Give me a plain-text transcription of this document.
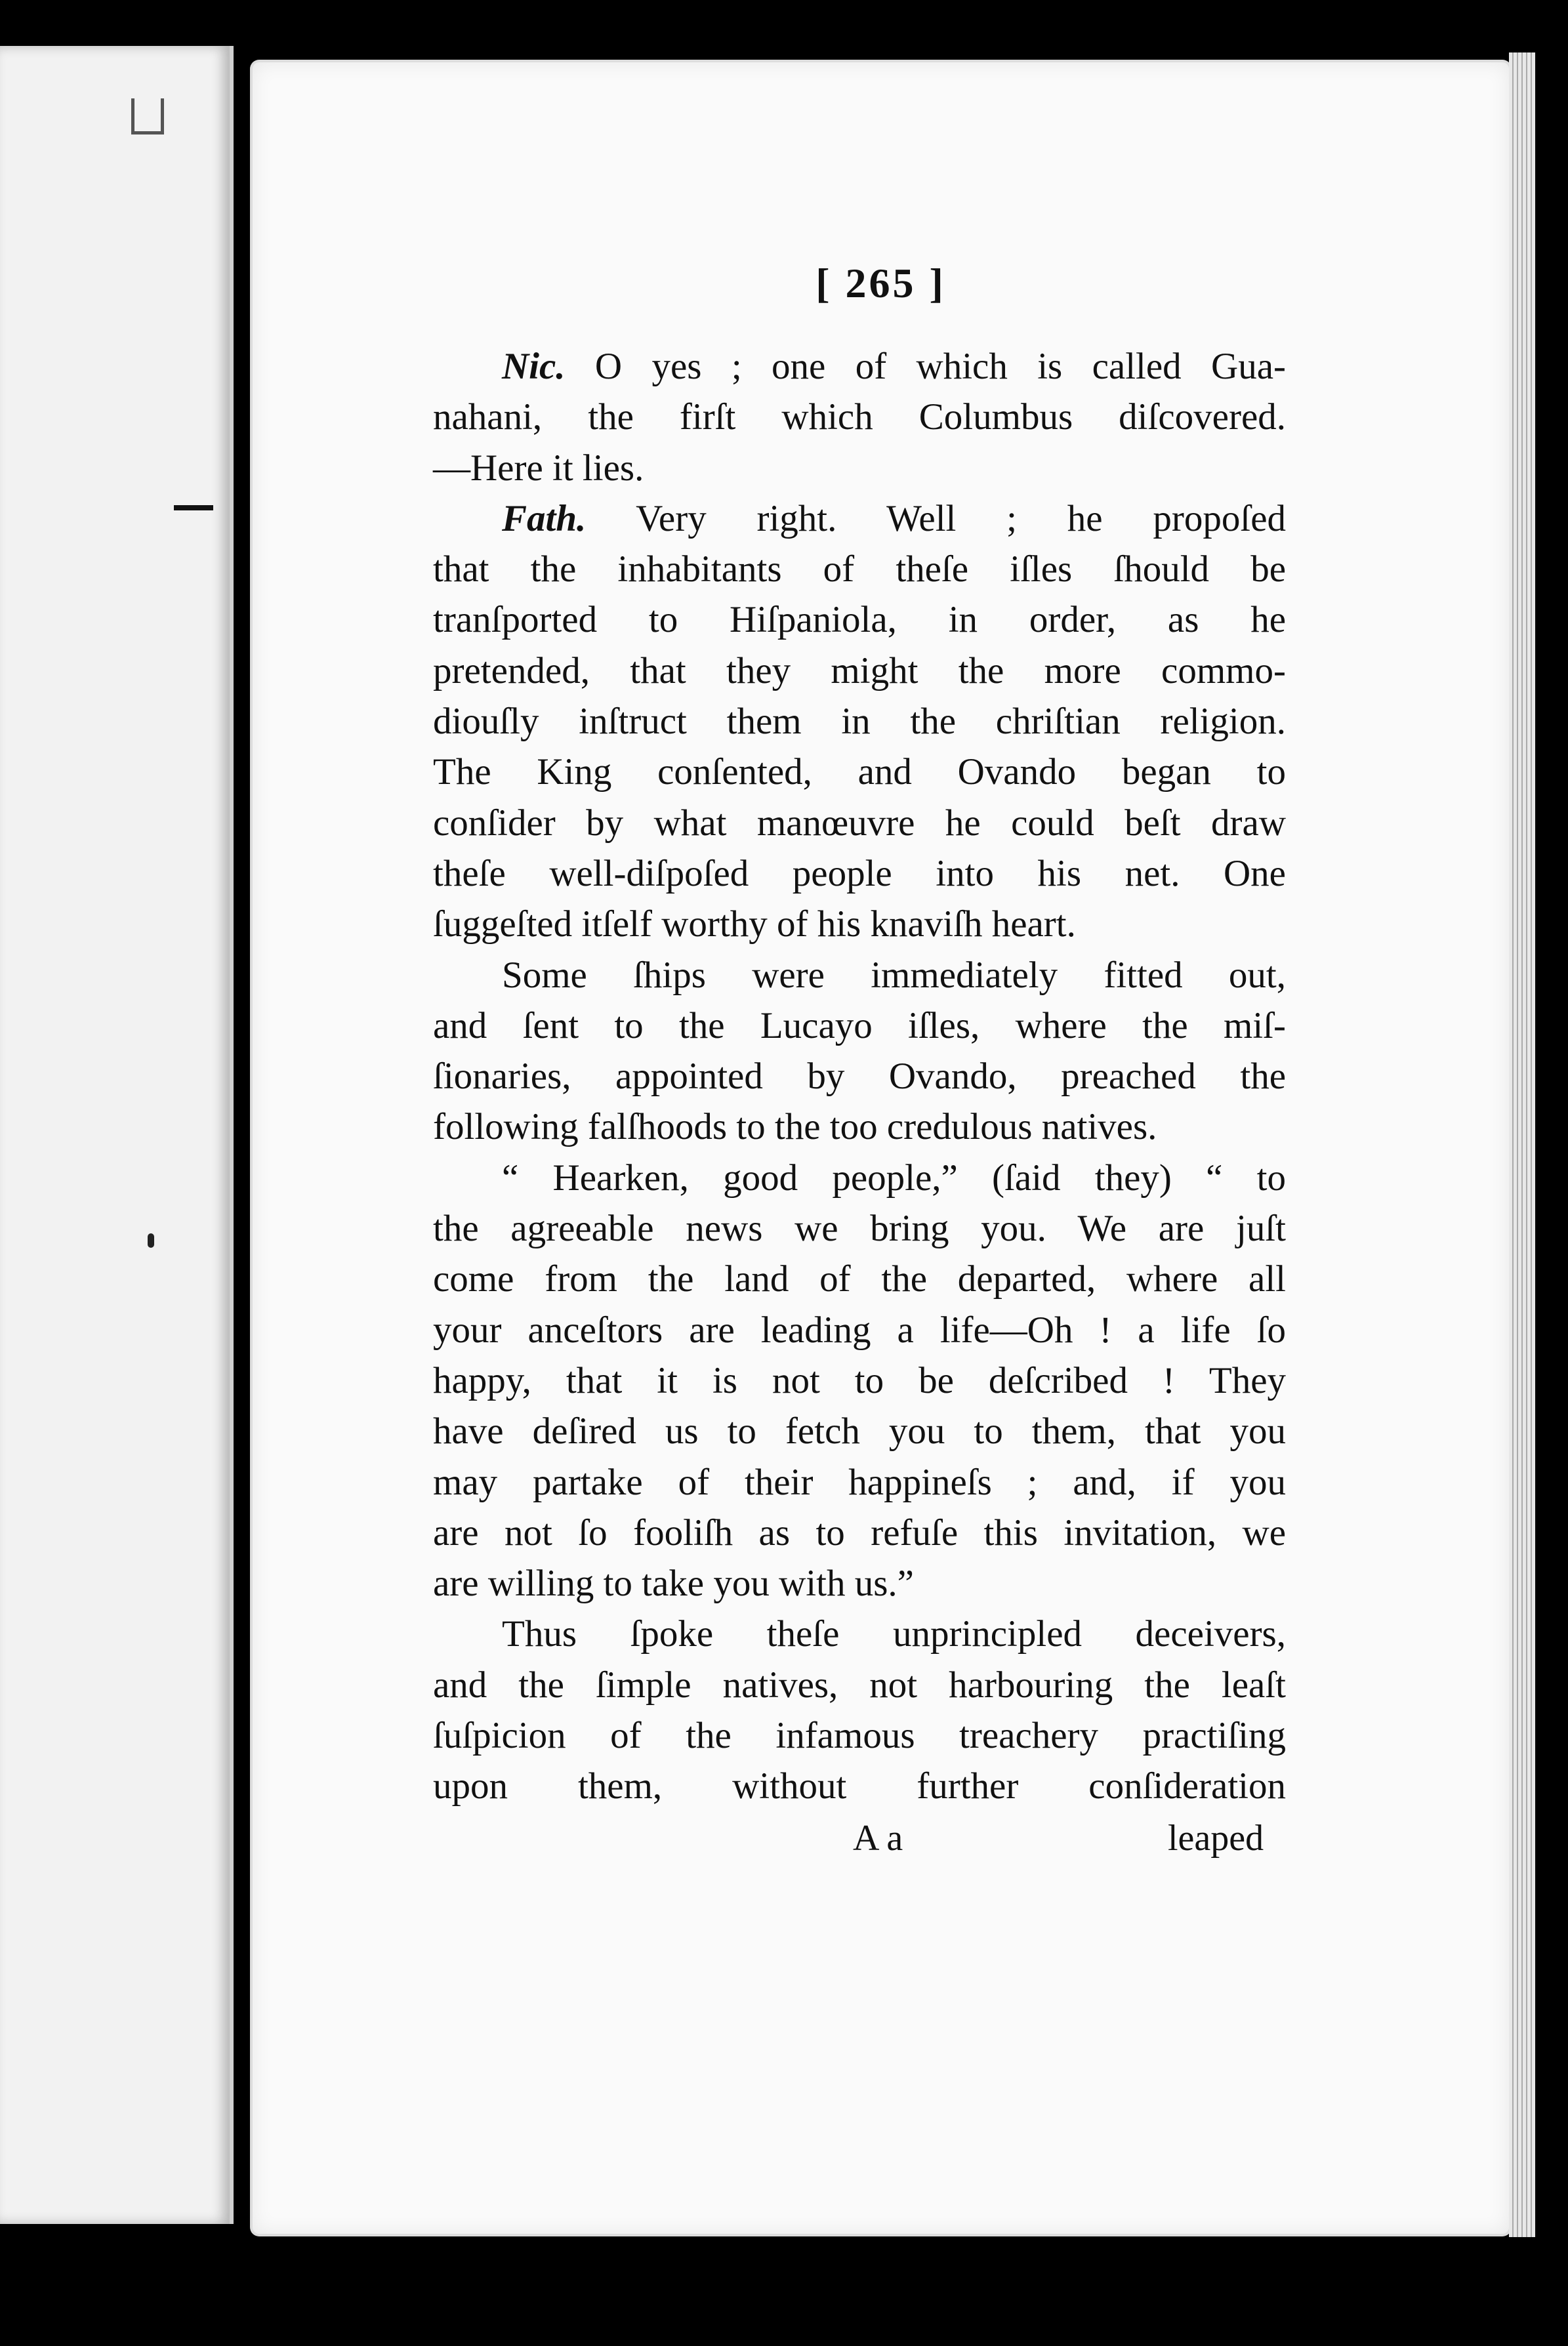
[ 265 ]
Nic. O yes ; one of which is called Gua-
nahani, the firſt which Columbus diſcovered.
—Here it lies.
Fath. Very right. Well ; he propoſed
that the inhabitants of theſe iſles ſhould be
tranſported to Hiſpaniola, in order, as he
pretended, that they might the more commo-
diouſly inſtruct them in the chriſtian religion.
The King conſented, and Ovando began to
conſider by what manœuvre he could beſt draw
theſe well-diſpoſed people into his net. One
ſuggeſted itſelf worthy of his knaviſh heart.
Some ſhips were immediately fitted out,
and ſent to the Lucayo iſles, where the miſ-
ſionaries, appointed by Ovando, preached the
following falſhoods to the too credulous natives.
“ Hearken, good people,” (ſaid they) “ to
the agreeable news we bring you. We are juſt
come from the land of the departed, where all
your anceſtors are leading a life—Oh ! a life ſo
happy, that it is not to be deſcribed ! They
have deſired us to fetch you to them, that you
may partake of their happineſs ; and, if you
are not ſo fooliſh as to refuſe this invitation, we
are willing to take you with us.”
Thus ſpoke theſe unprincipled deceivers,
and the ſimple natives, not harbouring the leaſt
ſuſpicion of the infamous treachery practiſing
upon them, without further conſideration
A a	leaped
